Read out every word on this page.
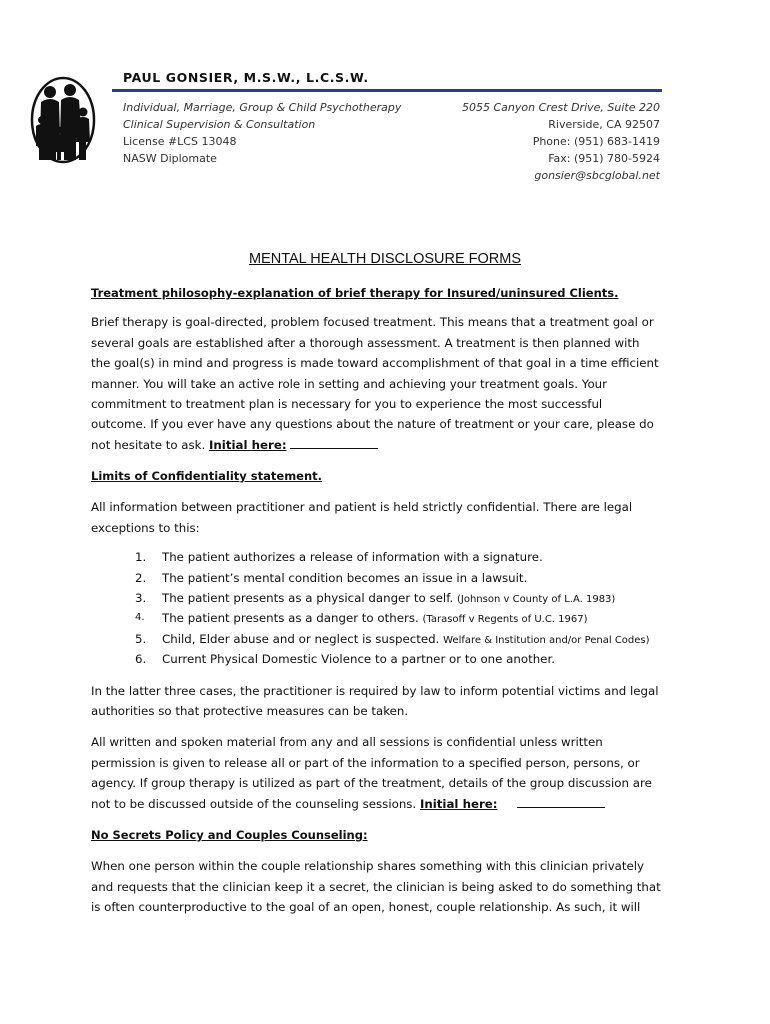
PAUL GONSIER, M.S.W., L.C.S.W.
Individual, Marriage, Group & Child Psychotherapy
Clinical Supervision & Consultation
License #LCS 13048
NASW Diplomate
5055 Canyon Crest Drive, Suite 220
Riverside, CA 92507
Phone: (951) 683-1419
Fax: (951) 780-5924
gonsier@sbcglobal.net
MENTAL HEALTH DISCLOSURE FORMS
Treatment philosophy-explanation of brief therapy for Insured/uninsured Clients.
Brief therapy is goal-directed, problem focused treatment. This means that a treatment goal or
several goals are established after a thorough assessment. A treatment is then planned with
the goal(s) in mind and progress is made toward accomplishment of that goal in a time efficient
manner. You will take an active role in setting and achieving your treatment goals. Your
commitment to treatment plan is necessary for you to experience the most successful
outcome. If you ever have any questions about the nature of treatment or your care, please do
not hesitate to ask. Initial here:
Limits of Confidentiality statement.
All information between practitioner and patient is held strictly confidential. There are legal
exceptions to this:
1. The patient authorizes a release of information with a signature.
2. The patient’s mental condition becomes an issue in a lawsuit.
3. The patient presents as a physical danger to self. (Johnson v County of L.A. 1983)
4. The patient presents as a danger to others. (Tarasoff v Regents of U.C. 1967)
5. Child, Elder abuse and or neglect is suspected. Welfare & Institution and/or Penal Codes)
6. Current Physical Domestic Violence to a partner or to one another.
In the latter three cases, the practitioner is required by law to inform potential victims and legal
authorities so that protective measures can be taken.
All written and spoken material from any and all sessions is confidential unless written
permission is given to release all or part of the information to a specified person, persons, or
agency. If group therapy is utilized as part of the treatment, details of the group discussion are
not to be discussed outside of the counseling sessions. Initial here:
No Secrets Policy and Couples Counseling:
When one person within the couple relationship shares something with this clinician privately
and requests that the clinician keep it a secret, the clinician is being asked to do something that
is often counterproductive to the goal of an open, honest, couple relationship. As such, it will
